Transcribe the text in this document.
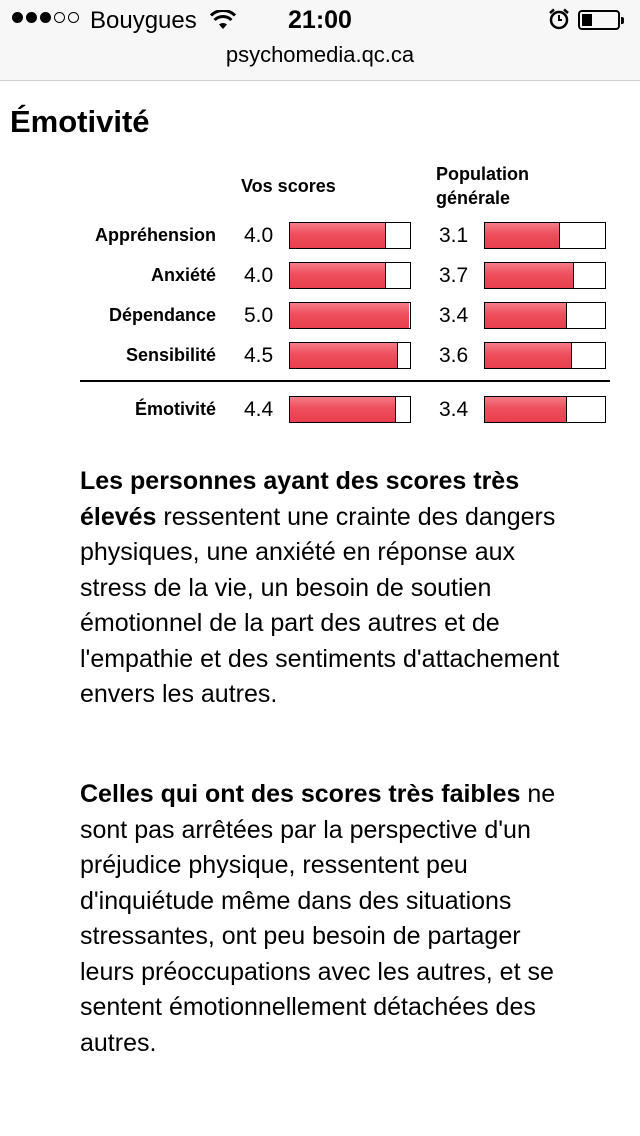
Bouygues	21:00
psychomedia.qc.ca
Émotivité
Vos scores
Population
générale
Appréhension 4.0	3.1
Anxiété 4.0	3.7
Dépendance 5.0	3.4
Sensibilité 4.5	3.6
Émotivité 4.4	3.4
Les personnes ayant des scores très élevés ressentent une crainte des dangers physiques, une anxiété en réponse aux stress de la vie, un besoin de soutien émotionnel de la part des autres et de l'empathie et des sentiments d'attachement envers les autres.
Celles qui ont des scores très faibles ne sont pas arrêtées par la perspective d'un préjudice physique, ressentent peu d'inquiétude même dans des situations stressantes, ont peu besoin de partager leurs préoccupations avec les autres, et se sentent émotionnellement détachées des autres.
